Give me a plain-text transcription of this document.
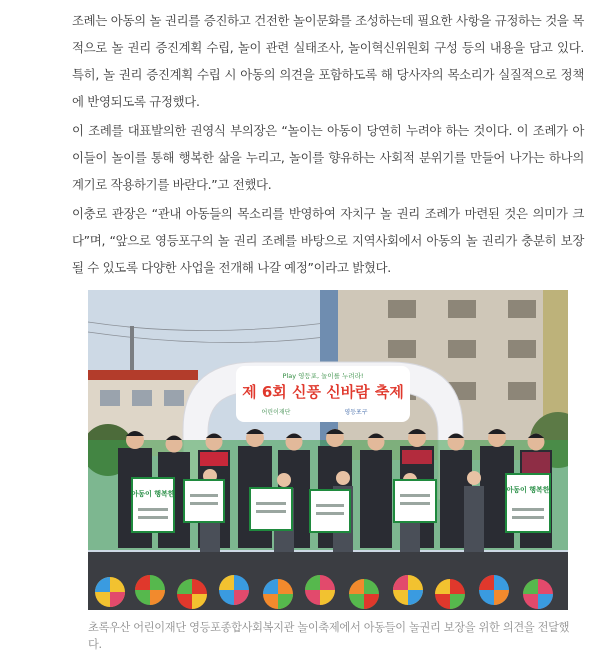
조례는 아동의 놀 권리를 증진하고 건전한 놀이문화를 조성하는데 필요한 사항을 규정하는 것을 목적으로 놀 권리 증진계획 수립, 놀이 관련 실태조사, 놀이혁신위원회 구성 등의 내용을 담고 있다. 특히, 놀 권리 증진계획 수립 시 아동의 의견을 포함하도록 해 당사자의 목소리가 실질적으로 정책에 반영되도록 규정했다.

이 조례를 대표발의한 권영식 부의장은 “놀이는 아동이 당연히 누려야 하는 것이다. 이 조례가 아이들이 놀이를 통해 행복한 삶을 누리고, 놀이를 향유하는 사회적 분위기를 만들어 나가는 하나의 계기로 작용하기를 바란다.”고 전했다.

이충로 관장은 “관내 아동들의 목소리를 반영하여 자치구 놀 권리 조례가 마련된 것은 의미가 크다”며, “앞으로 영등포구의 놀 권리 조례를 바탕으로 지역사회에서 아동의 놀 권리가 충분히 보장될 수 있도록 다양한 사업을 전개해 나갈 예정”이라고 밝혔다.

Play 영등포, 놀이를 누려라!
제 6회 신풍 신바람 축제
어린이재단	영등포구
아동이 행복한	아동이 행복한

초록우산 어린이재단 영등포종합사회복지관 놀이축제에서 아동들이 놀권리 보장을 위한 의견을 전달했다.
